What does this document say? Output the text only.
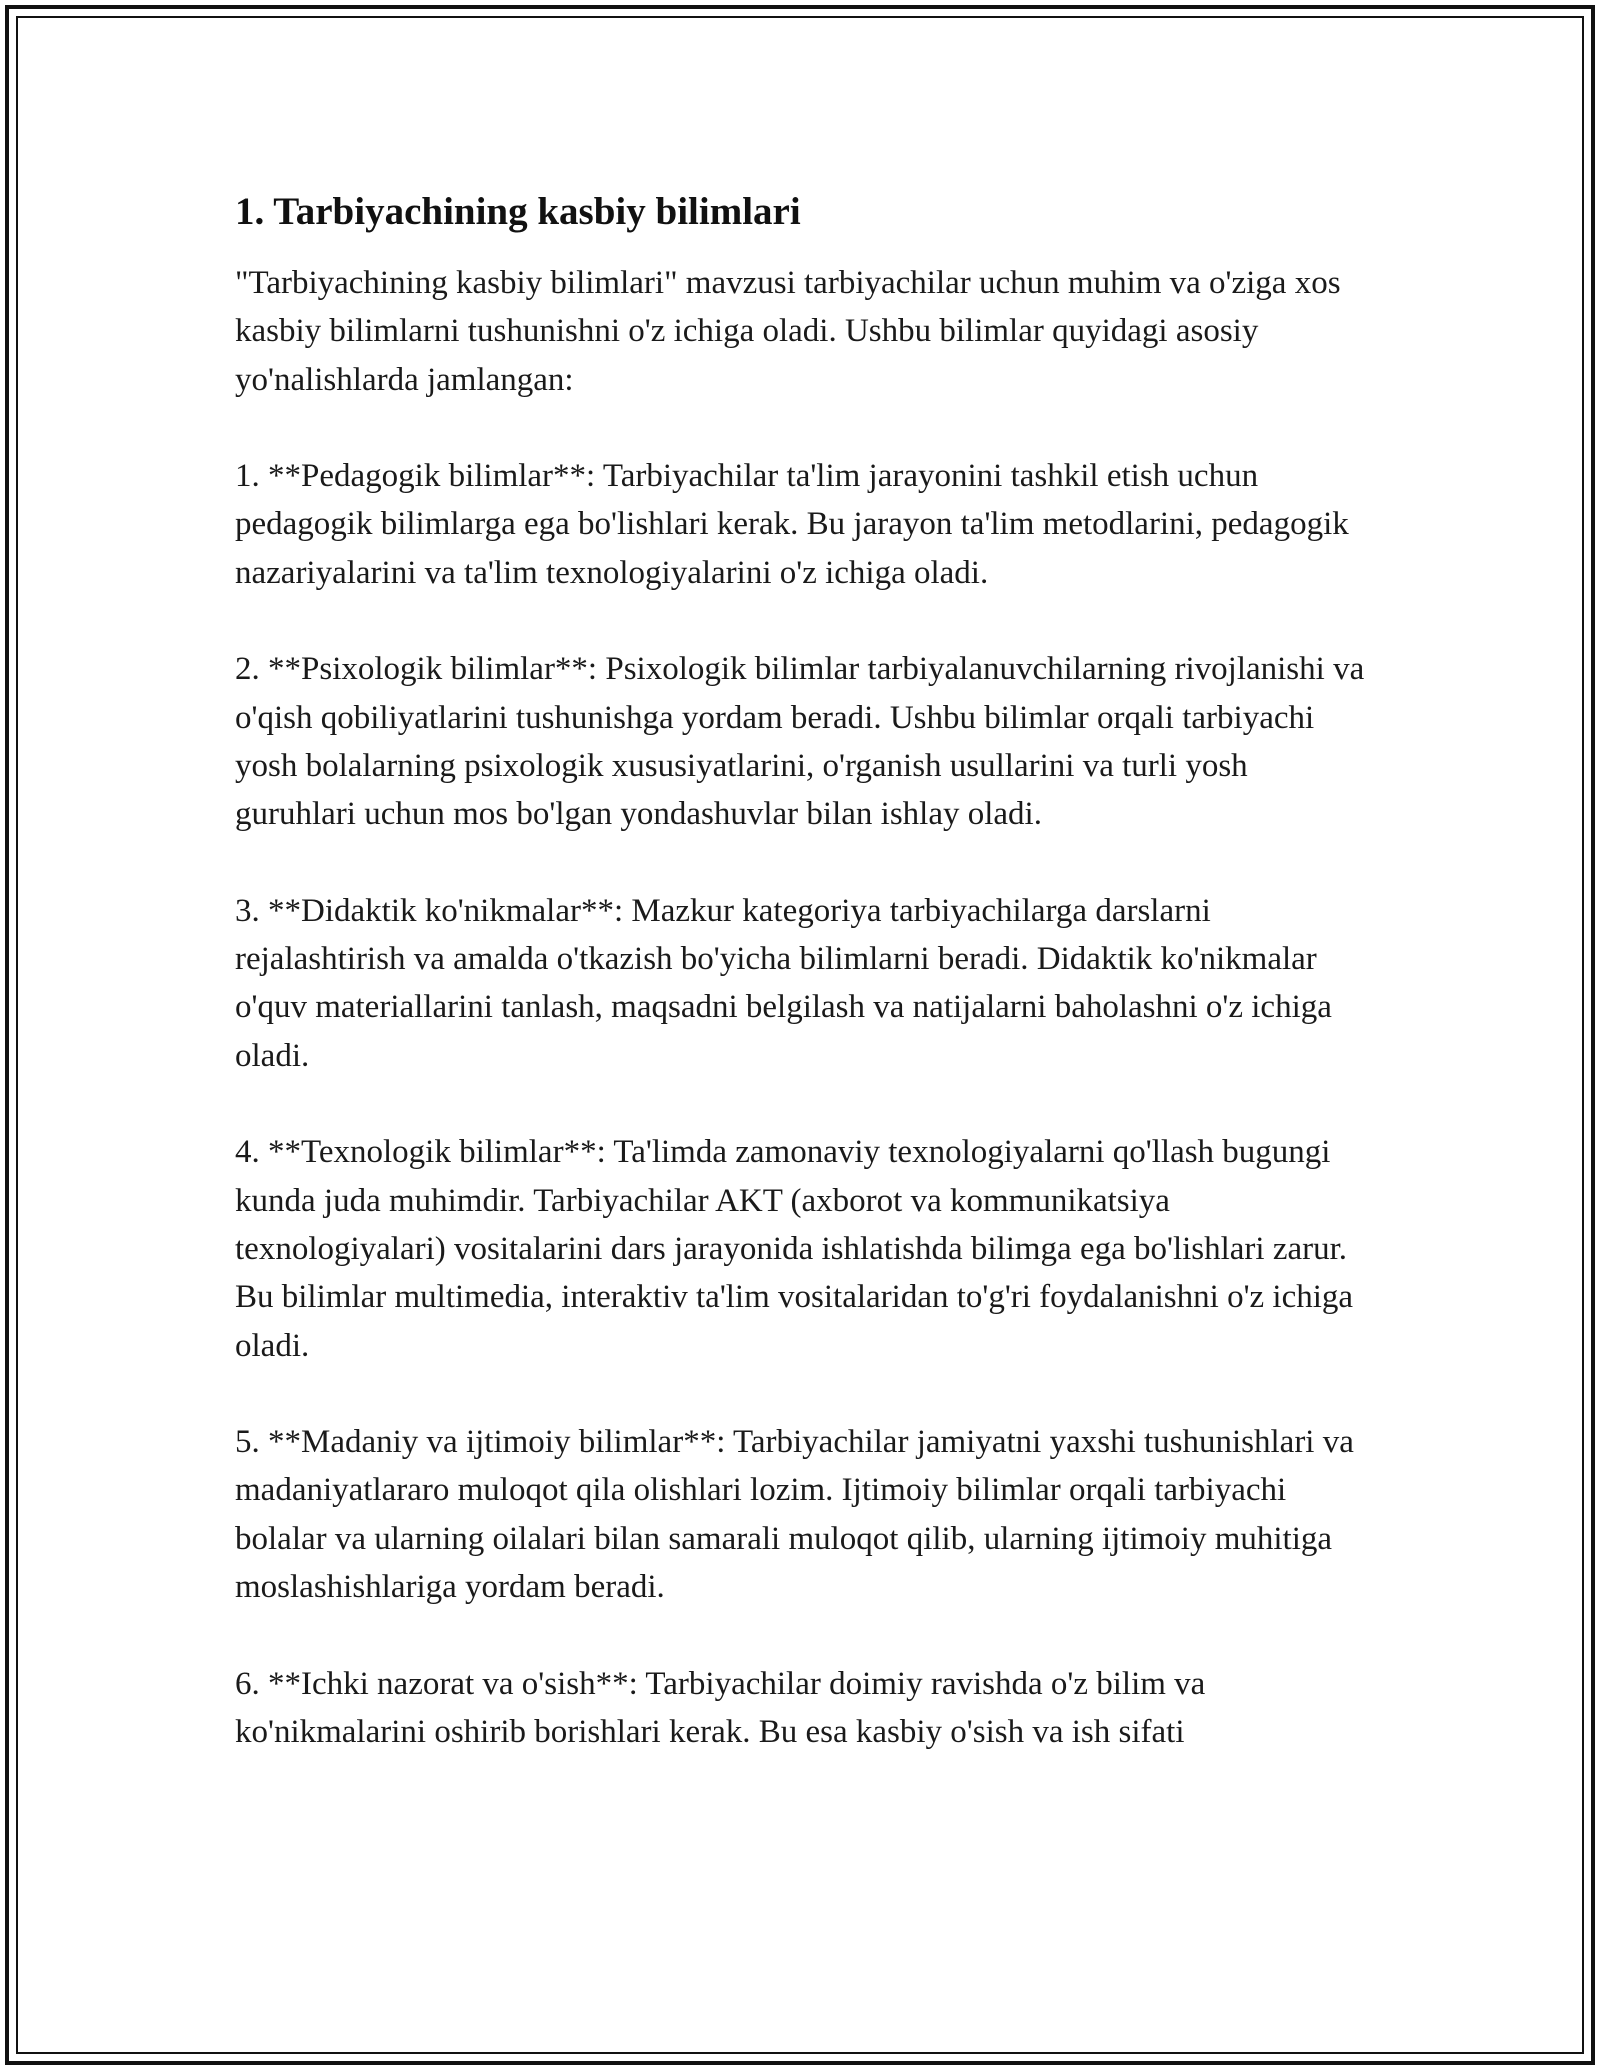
1. Tarbiyachining kasbiy bilimlari

"Tarbiyachining kasbiy bilimlari" mavzusi tarbiyachilar uchun muhim va o'ziga xos kasbiy bilimlarni tushunishni o'z ichiga oladi. Ushbu bilimlar quyidagi asosiy yo'nalishlarda jamlangan:

1. **Pedagogik bilimlar**: Tarbiyachilar ta'lim jarayonini tashkil etish uchun pedagogik bilimlarga ega bo'lishlari kerak. Bu jarayon ta'lim metodlarini, pedagogik nazariyalarini va ta'lim texnologiyalarini o'z ichiga oladi.

2. **Psixologik bilimlar**: Psixologik bilimlar tarbiyalanuvchilarning rivojlanishi va o'qish qobiliyatlarini tushunishga yordam beradi. Ushbu bilimlar orqali tarbiyachi yosh bolalarning psixologik xususiyatlarini, o'rganish usullarini va turli yosh guruhlari uchun mos bo'lgan yondashuvlar bilan ishlay oladi.

3. **Didaktik ko'nikmalar**: Mazkur kategoriya tarbiyachilarga darslarni rejalashtirish va amalda o'tkazish bo'yicha bilimlarni beradi. Didaktik ko'nikmalar o'quv materiallarini tanlash, maqsadni belgilash va natijalarni baholashni o'z ichiga oladi.

4. **Texnologik bilimlar**: Ta'limda zamonaviy texnologiyalarni qo'llash bugungi kunda juda muhimdir. Tarbiyachilar AKT (axborot va kommunikatsiya texnologiyalari) vositalarini dars jarayonida ishlatishda bilimga ega bo'lishlari zarur. Bu bilimlar multimedia, interaktiv ta'lim vositalaridan to'g'ri foydalanishni o'z ichiga oladi.

5. **Madaniy va ijtimoiy bilimlar**: Tarbiyachilar jamiyatni yaxshi tushunishlari va madaniyatlararo muloqot qila olishlari lozim. Ijtimoiy bilimlar orqali tarbiyachi bolalar va ularning oilalari bilan samarali muloqot qilib, ularning ijtimoiy muhitiga moslashishlariga yordam beradi.

6. **Ichki nazorat va o'sish**: Tarbiyachilar doimiy ravishda o'z bilim va ko'nikmalarini oshirib borishlari kerak. Bu esa kasbiy o'sish va ish sifati
